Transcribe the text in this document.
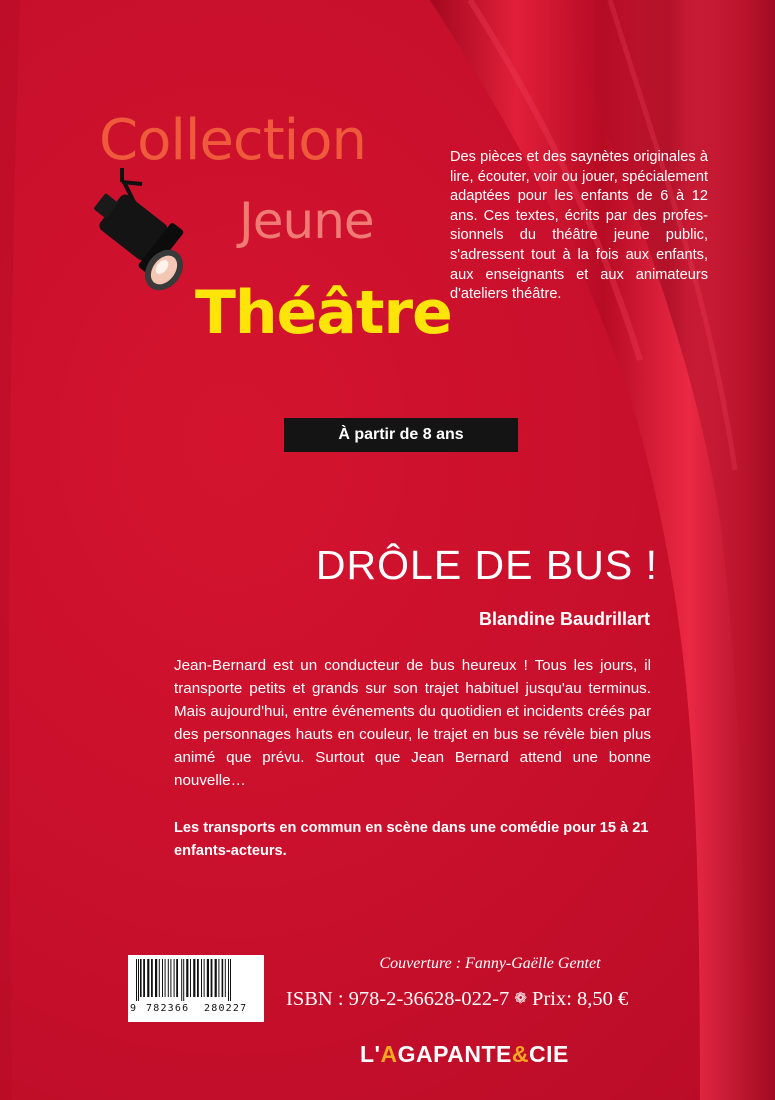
Collection
Jeune
Théâtre
Des pièces et des saynètes originales à lire, écouter, voir ou jouer, spécialement adaptées pour les enfants de 6 à 12 ans. Ces textes, écrits par des profes-sionnels du théâtre jeune public, s'adressent tout à la fois aux enfants, aux enseignants et aux animateurs d'ateliers théâtre.
À partir de 8 ans
DRÔLE DE BUS !
Blandine Baudrillart
Jean-Bernard est un conducteur de bus heureux ! Tous les jours, il transporte petits et grands sur son trajet habituel jusqu'au terminus. Mais aujourd'hui, entre événements du quotidien et incidents créés par des personnages hauts en couleur, le trajet en bus se révèle bien plus animé que prévu. Surtout que Jean Bernard attend une bonne nouvelle…
Les transports en commun en scène dans une comédie pour 15 à 21 enfants-acteurs.
9 782366 280227
Couverture : Fanny-Gaëlle Gentet
ISBN : 978-2-36628-022-7 ❁ Prix: 8,50 €
L'AGAPANTE&CIE
